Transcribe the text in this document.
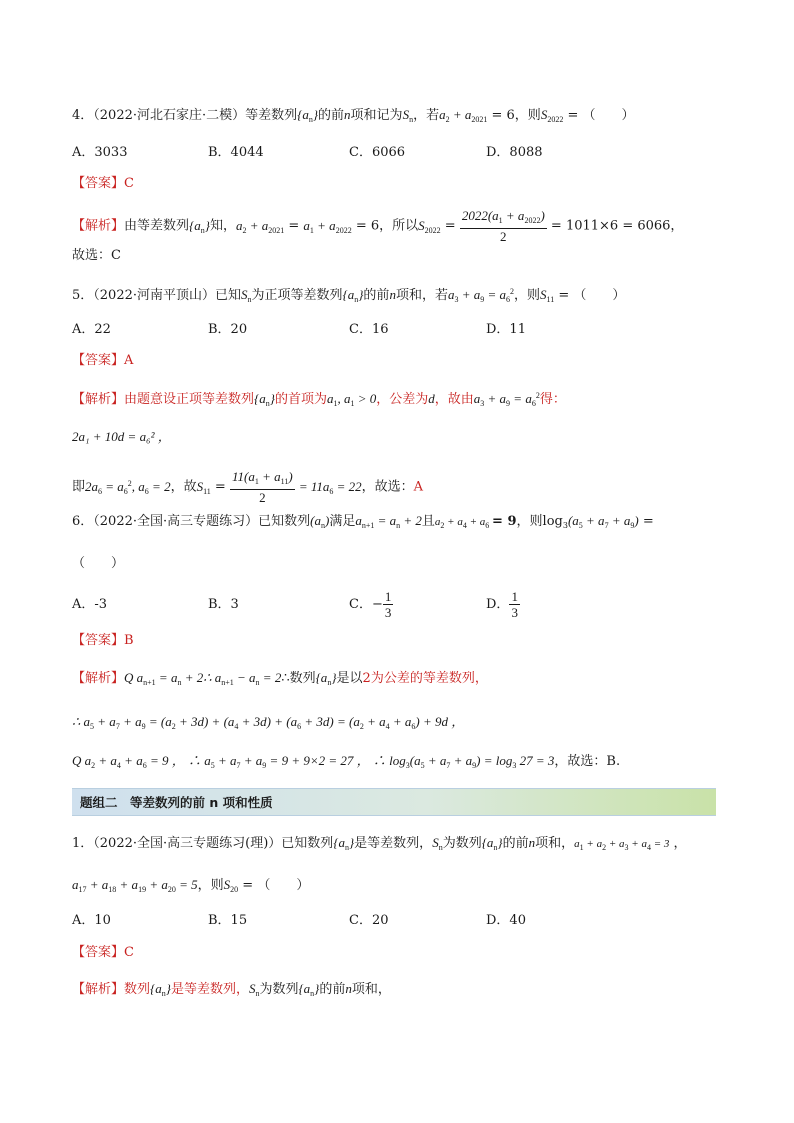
4．（2022·河北石家庄·二模）等差数列$\{a_n\}$的前n项和记为$S_n$，若$a_2 + a_{2021} = 6$，则$S_{2022}$ = （　　）
A．3033	B．4044	C．6066	D．8088
【答案】C
【解析】由等差数列$\{a_n\}$知，$a_2 + a_{2021} = a_1 + a_{2022} = 6$，所以$S_{2022} = \frac{2022(a_1 + a_{2022})}{2} = 1011\times 6 = 6066$，
故选：C
5．（2022·河南平顶山）已知$S_n$为正项等差数列$\{a_n\}$的前n项和，若$a_3 + a_9 = a_6^2$，则$S_{11}$ = （　　）
A．22	B．20	C．16	D．11
【答案】A
【解析】由题意设正项等差数列$\{a_n\}$的首项为$a_1$, $a_1 > 0$，公差为d，故由$a_3 + a_9 = a_6^2$得：
2a₁ + 10d = a₆² ，
即$2a_6 = a_6^2$, $a_6 = 2$，故$S_{11} = \frac{11(a_1 + a_{11})}{2} = 11a_6 = 22$，故选：A
6．（2022·全国·高三专题练习）已知数列$(a_n)$满足$a_{n+1} = a_n + 2$且$a_2 + a_4 + a_6 = 9$，则$\log_3(a_5 + a_7 + a_9)$ =
（　　）
A．-3	B．3	C．− $\frac{1}{3}$	D． $\frac{1}{3}$
【答案】B
【解析】Q $a_{n+1} = a_n$ + 2∴ $a_{n+1} - a_n$ = 2∴数列$\{a_n\}$是以2为公差的等差数列，
∴ $a_5 + a_7 + a_9 = (a_2 + 3d) + (a_4 + 3d) + (a_6 + 3d) = (a_2 + a_4 + a_6) + 9d$ ，
Q $a_2 + a_4 + a_6 = 9$ ， ∴ $a_5 + a_7 + a_9 = 9 + 9\times 2 = 27$ ， ∴ $\log_3(a_5 + a_7 + a_9) = \log_3 27 = 3$，故选：B.
题组二　等差数列的前 n 项和性质
1．（2022·全国·高三专题练习(理)）已知数列$\{a_n\}$是等差数列，$S_n$为数列$\{a_n\}$的前n项和，$a_1 + a_2 + a_3 + a_4 = 3$ ，
$a_{17} + a_{18} + a_{19} + a_{20} = 5$，则$S_{20}$ = （　　）
A．10	B．15	C．20	D．40
【答案】C
【解析】数列$\{a_n\}$是等差数列，$S_n$为数列$\{a_n\}$的前n项和，
